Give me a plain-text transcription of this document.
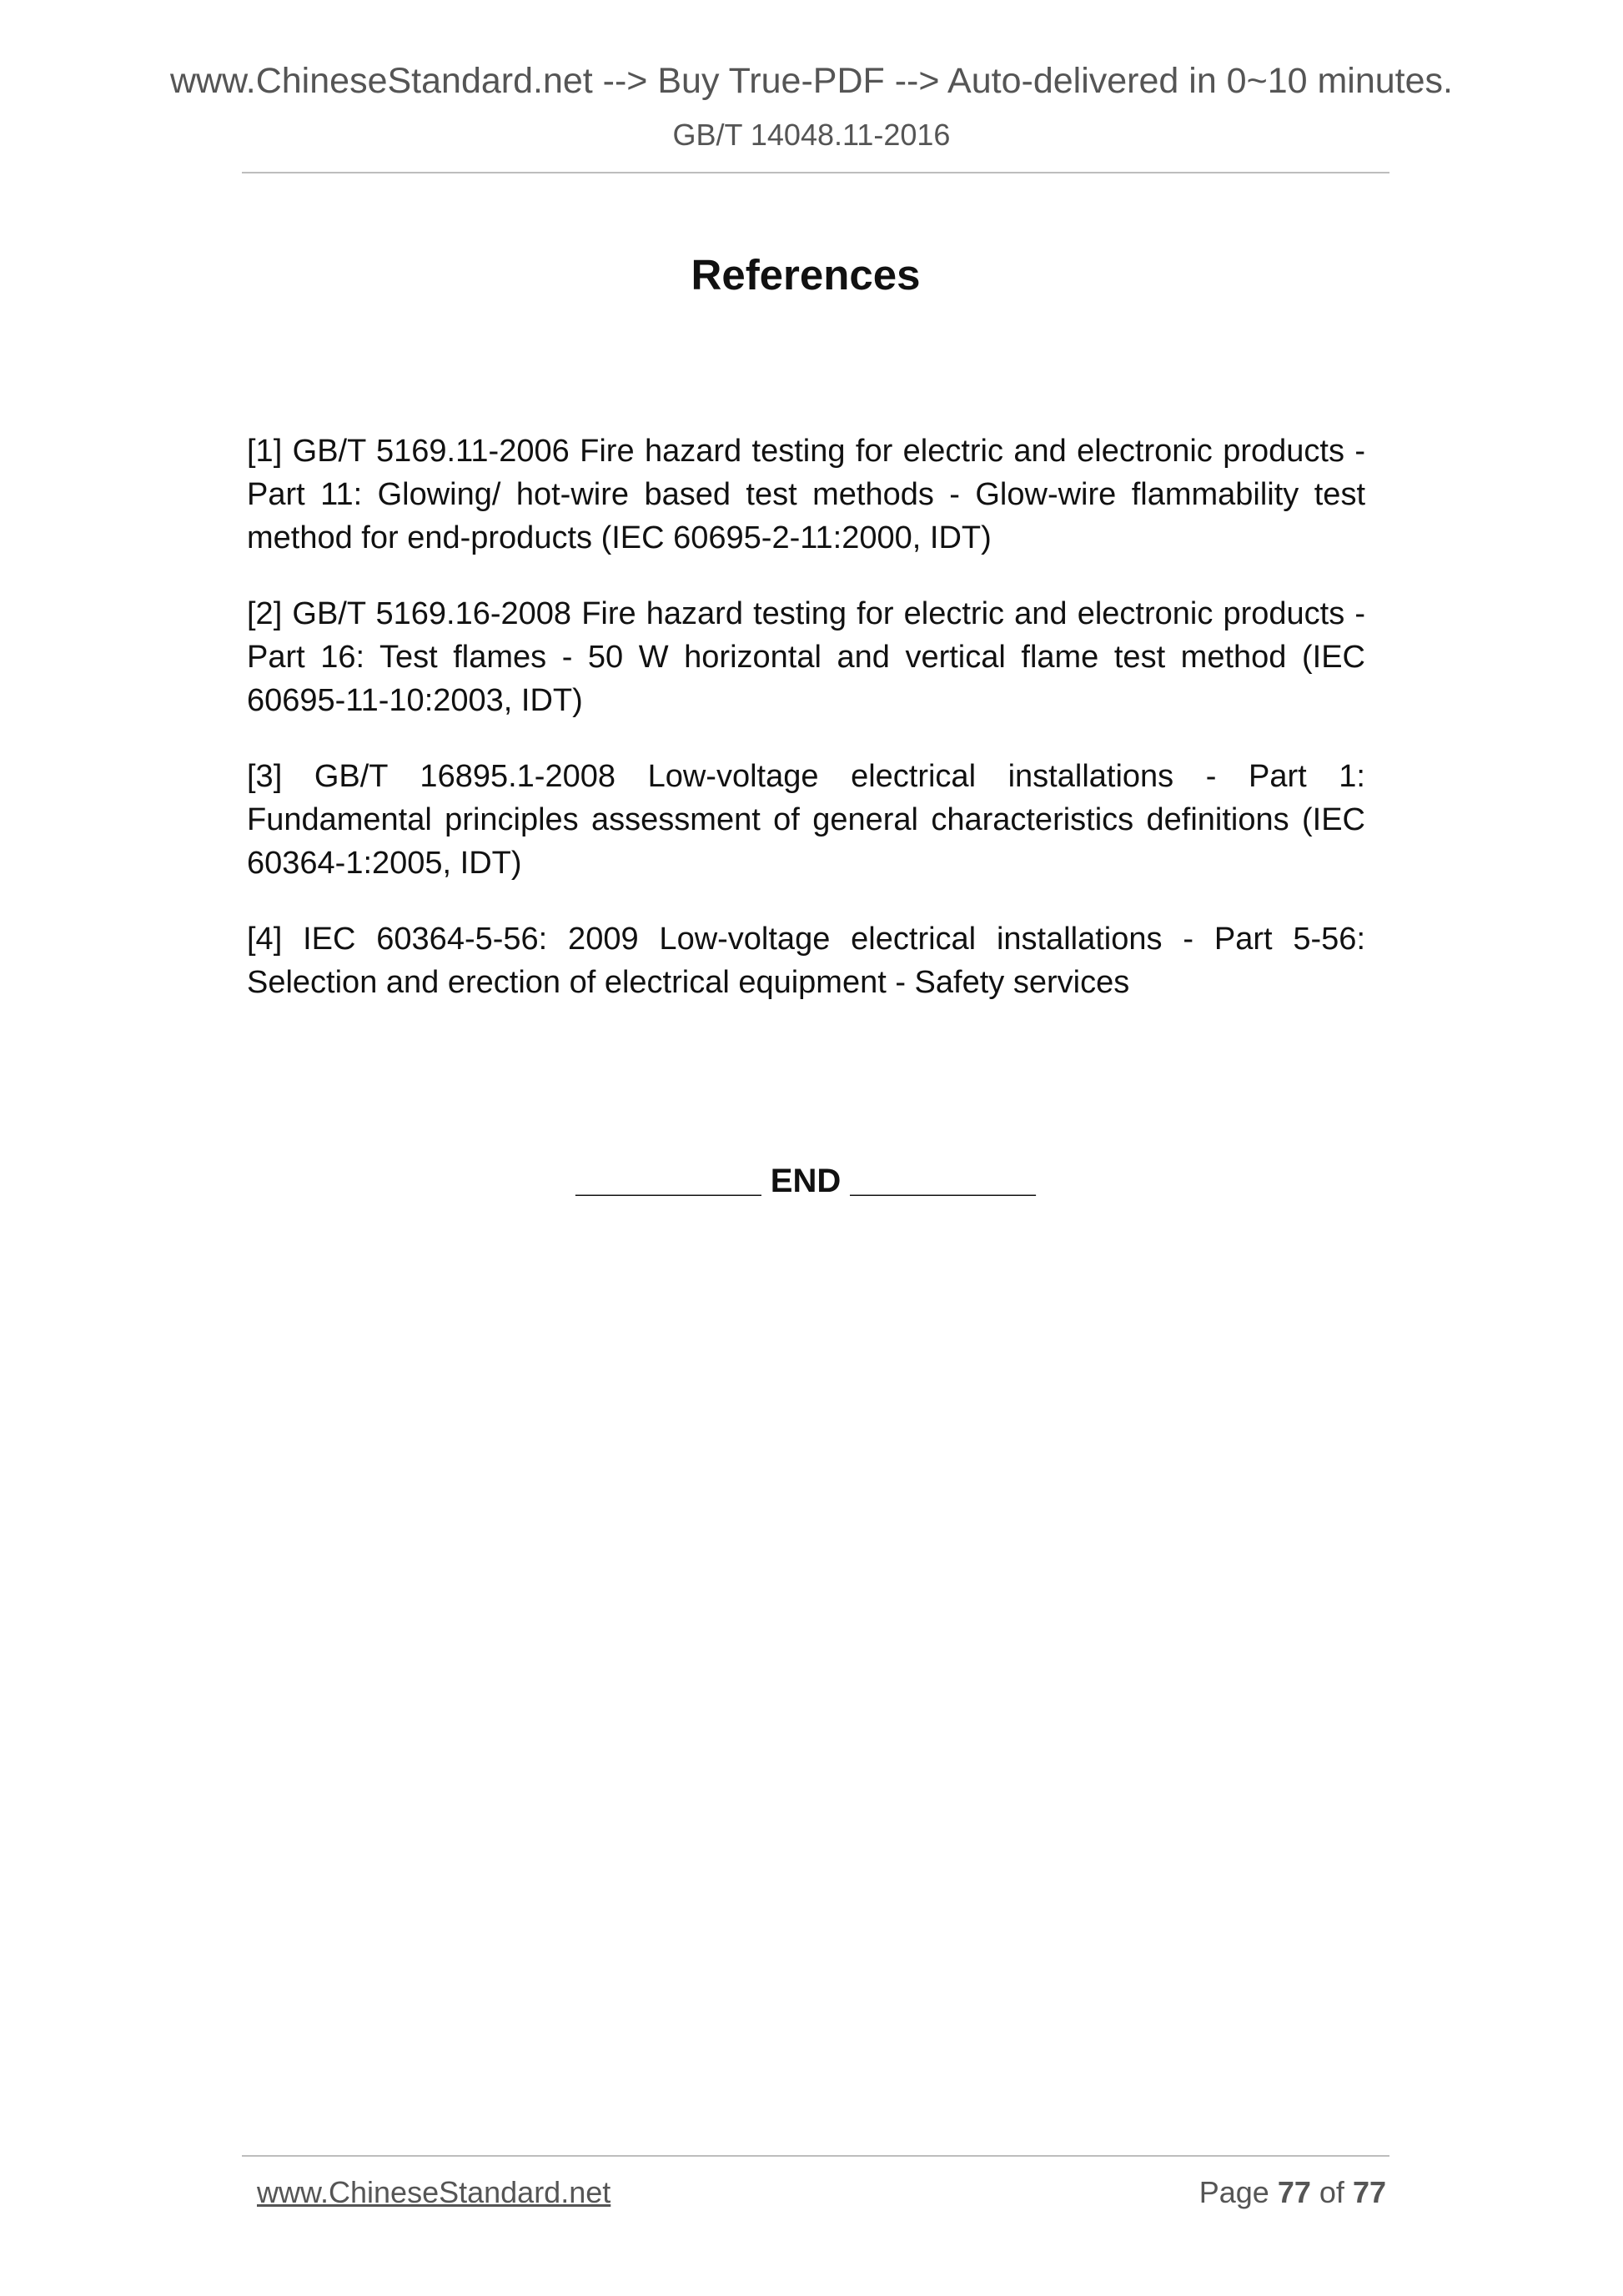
www.ChineseStandard.net --> Buy True-PDF --> Auto-delivered in 0~10 minutes.
GB/T 14048.11-2016
References

[1] GB/T 5169.11-2006 Fire hazard testing for electric and electronic products - Part 11: Glowing/ hot-wire based test methods - Glow-wire flammability test method for end-products (IEC 60695-2-11:2000, IDT)

[2] GB/T 5169.16-2008 Fire hazard testing for electric and electronic products - Part 16: Test flames - 50 W horizontal and vertical flame test method (IEC 60695-11-10:2003, IDT)

[3] GB/T 16895.1-2008 Low-voltage electrical installations - Part 1: Fundamental principles assessment of general characteristics definitions (IEC 60364-1:2005, IDT)

[4] IEC 60364-5-56: 2009 Low-voltage electrical installations - Part 5-56: Selection and erection of electrical equipment - Safety services

__________ END __________
www.ChineseStandard.net	Page 77 of 77
